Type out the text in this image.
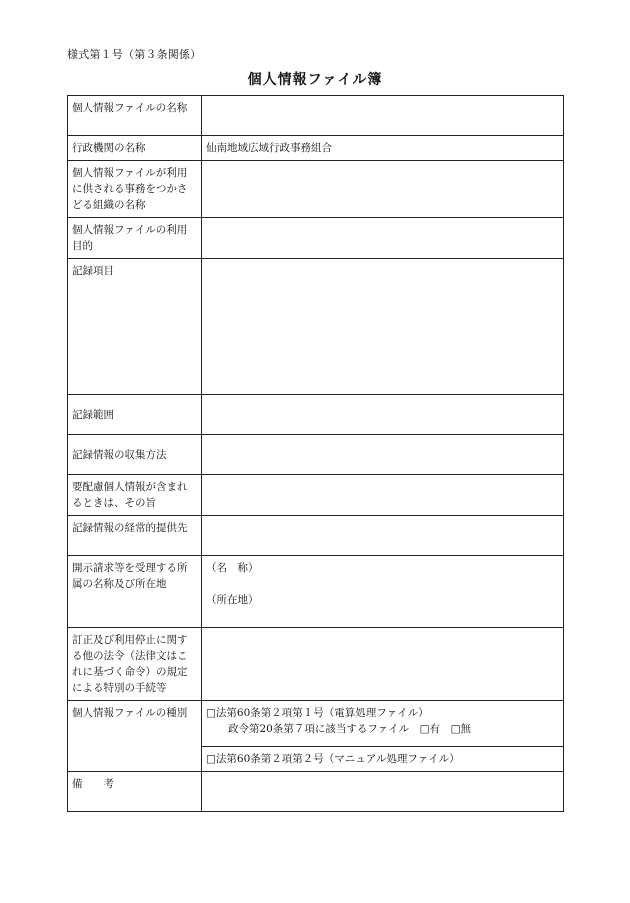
様式第１号（第３条関係）
個人情報ファイル簿
個人情報ファイルの名称	
行政機関の名称	仙南地域広域行政事務組合
個人情報ファイルが利用に供される事務をつかさどる組織の名称	
個人情報ファイルの利用目的	
記録項目	
記録範囲	
記録情報の収集方法	
要配慮個人情報が含まれるときは、その旨	
記録情報の経常的提供先	
開示請求等を受理する所属の名称及び所在地	（名　称）
（所在地）

訂正及び利用停止に関する他の法令（法律文はこれに基づく命令）の規定による特別の手続等	
個人情報ファイルの種別	□法第60条第２項第１号（電算処理ファイル）
政令第20条第７項に該当するファイル　□有　□無

	□法第60条第２項第２号（マニュアル処理ファイル）
備　　考	
